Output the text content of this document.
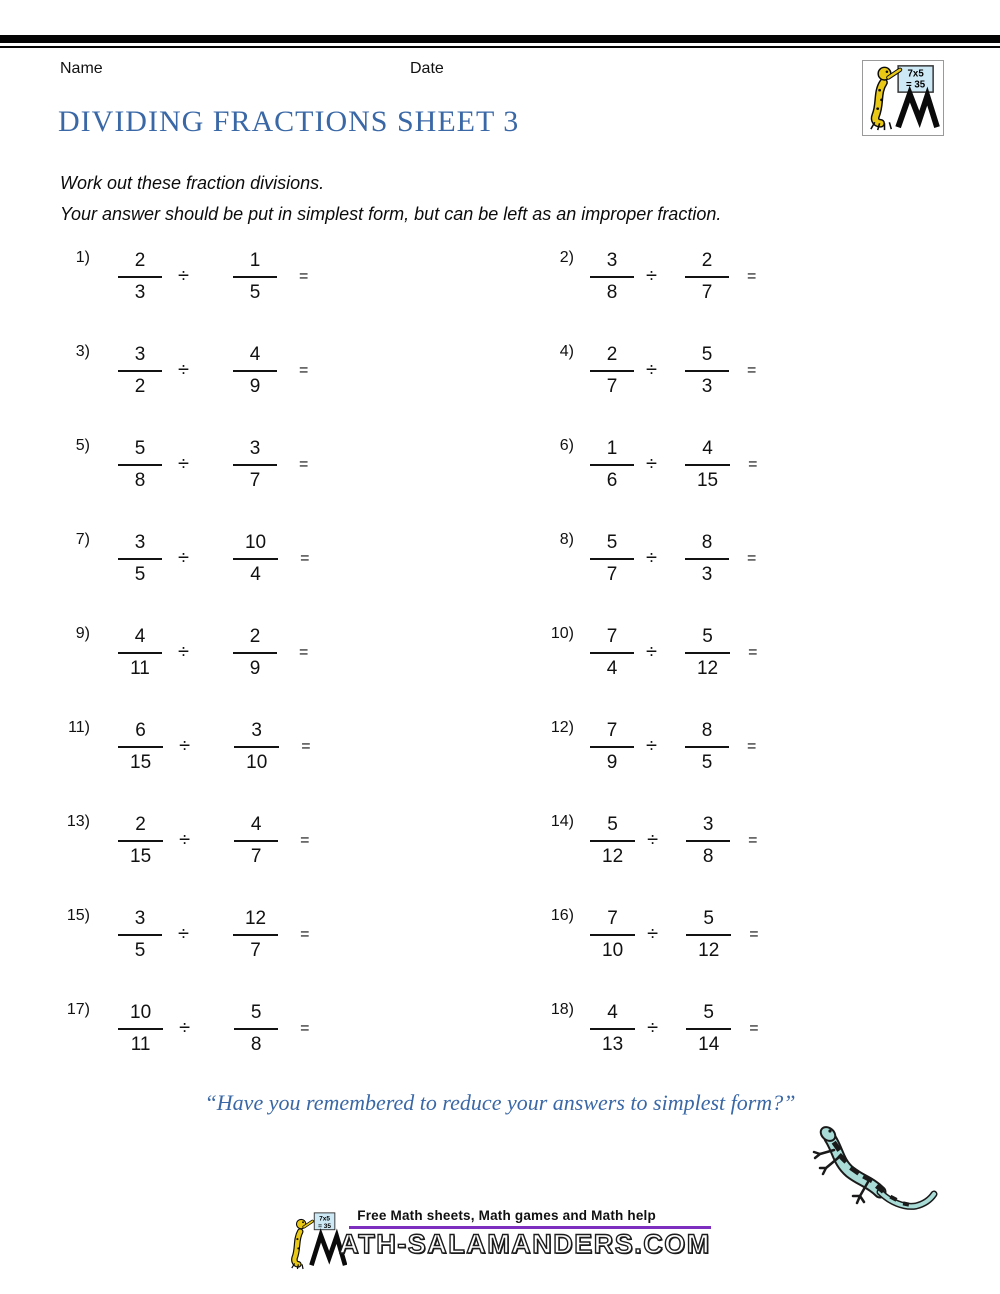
Name	Date	7x5
= 35
DIVIDING FRACTIONS SHEET 3
Work out these fraction divisions.
Your answer should be put in simplest form, but can be left as an improper fraction.
$1) \frac{2}{3} \div \frac{1}{5}$ =
$2) \frac{3}{8} \div \frac{2}{7}$ =
$3) \frac{3}{2} \div \frac{4}{9}$ =
$4) \frac{2}{7} \div \frac{5}{3}$ =
$5) \frac{5}{8} \div \frac{3}{7}$ =
$6) \frac{1}{6} \div \frac{4}{15}$ =
$7) \frac{3}{5} \div \frac{10}{4}$ =
$8) \frac{5}{7} \div \frac{8}{3}$ =
$9) \frac{4}{11} \div \frac{2}{9}$ =
$10) \frac{7}{4} \div \frac{5}{12}$ =
$11) \frac{6}{15} \div \frac{3}{10}$ =
$12) \frac{7}{9} \div \frac{8}{5}$ =
$13) \frac{2}{15} \div \frac{4}{7}$ =
$14) \frac{5}{12} \div \frac{3}{8}$ =
$15) \frac{3}{5} \div \frac{12}{7}$ =
$16) \frac{7}{10} \div \frac{5}{12}$ =
$17) \frac{10}{11} \div \frac{5}{8}$ =
$18) \frac{4}{13} \div \frac{5}{14}$ =
“Have you remembered to reduce your answers to simplest form?”
7x5
= 35
Free Math sheets, Math games and Math help
ATH-SALAMANDERS.COM
